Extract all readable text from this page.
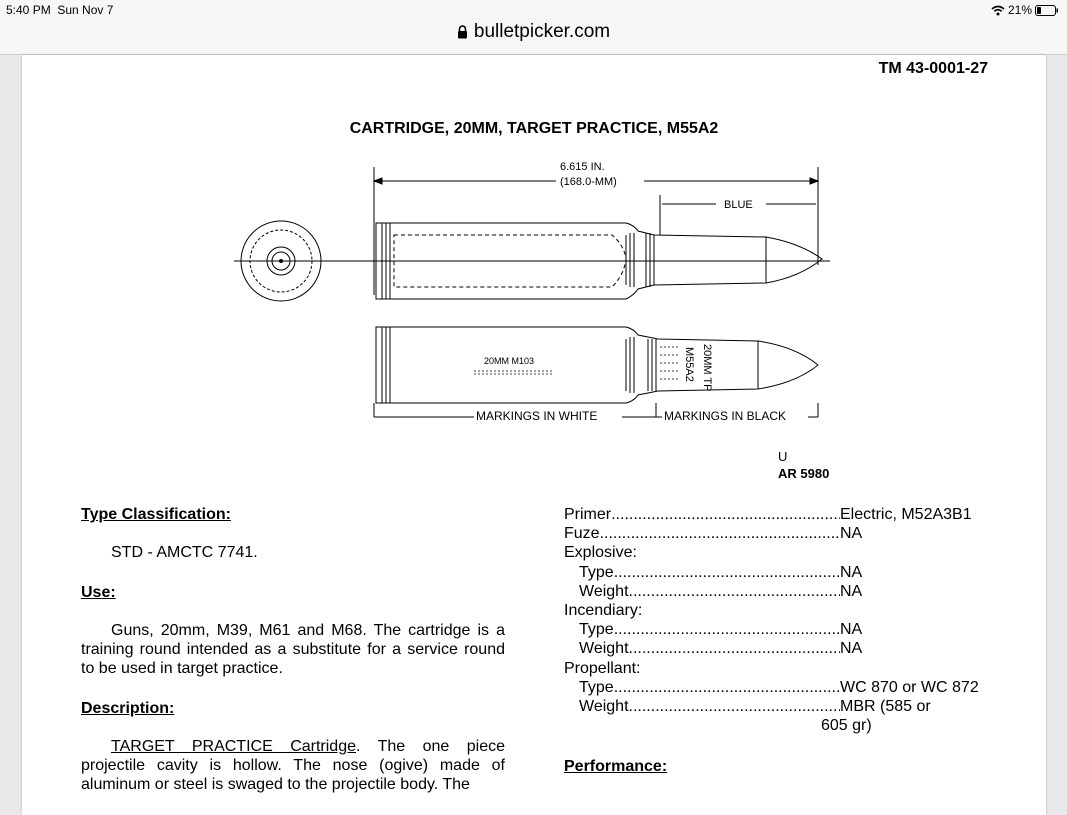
5:40 PM Sun Nov 7	21%
bulletpicker.com
TM 43-0001-27
CARTRIDGE, 20MM, TARGET PRACTICE, M55A2
6.615 IN.
(168.0-MM)
BLUE
20MM M103	20MM TP
M55A2
MARKINGS IN WHITE	MARKINGS IN BLACK
U
AR 5980
Type Classification:
STD - AMCTC 7741.
Use:
Guns, 20mm, M39, M61 and M68. The cartridge is a training round intended as a substitute for a service round to be used in target practice.
Description:
TARGET PRACTICE Cartridge. The one piece projectile cavity is hollow. The nose (ogive) made of aluminum or steel is swaged to the projectile body. The
Primer .....	Electric, M52A3B1
Fuze .....	NA
Explosive:
Type .....	NA
Weight .....	NA
Incendiary:
Type .....	NA
Weight .....	NA
Propellant:
Type .....	WC 870 or WC 872
Weight .....	MBR (585 or
605 gr)
Performance:
